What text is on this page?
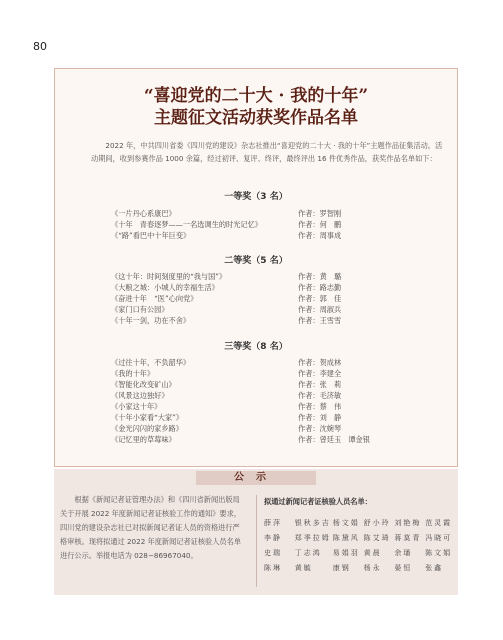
80
“喜迎党的二十大 · 我的十年”
主题征文活动获奖作品名单
2022 年，中共四川省委《四川党的建设》杂志社推出“喜迎党的二十大 · 我的十年”主题作品征集活动。活动期间，收到参赛作品 1000 余篇，经过初评、复评、终评，最终评出 16 件优秀作品，获奖作品名单如下：
一等奖（3 名）
《一片丹心系康巴》	作者：罗智刚
《十年　青春逐梦——一名选调生的时光记忆》	作者：何　鹏
《“路”看巴中十年巨变》	作者：周事成
二等奖（5 名）
《这十年：时间刻度里的“我与国”》	作者：黄　璐
《大粮之城：小城人的幸福生活》	作者：路志勤
《奋进十年　“医”心向党》	作者：郭　佳
《家门口有公园》	作者：周淑兵
《十年一剑，功在不舍》	作者：王雪雪
三等奖（8 名）
《过往十年，不负韶华》	作者：贺成林
《我的十年》	作者：李建全
《智能化改变矿山》	作者：张　莉
《风景这边独好》	作者：毛济敏
《小家这十年》	作者：蔡　伟
《十年小家看“大家”》	作者：刘　静
《金光闪闪的家乡路》	作者：沈婉琴
《记忆里的草莓味》	作者：曾廷玉　谭金银
公示
根据《新闻记者证管理办法》和《四川省新闻出版局关于开展 2022 年度新闻记者证核验工作的通知》要求，四川党的建设杂志社已对拟新闻记者证人员的资格进行严格审核。现将拟通过 2022 年度新闻记者证核验人员名单进行公示。举报电话为 028−86967040。
拟通过新闻记者证核验人员名单：
薛萍	银秋多吉 杨文娟 舒小玲 刘艳梅 范灵霞
李静	郑季拉姆 陈黛风 陈艾琦 蒋莫青 冯晓可
史瑞	丁志鸿	易娟羽 黄晨	余璠	陈文娟
陈琳	黄毓	康钢	杨永	晏恒	张鑫
